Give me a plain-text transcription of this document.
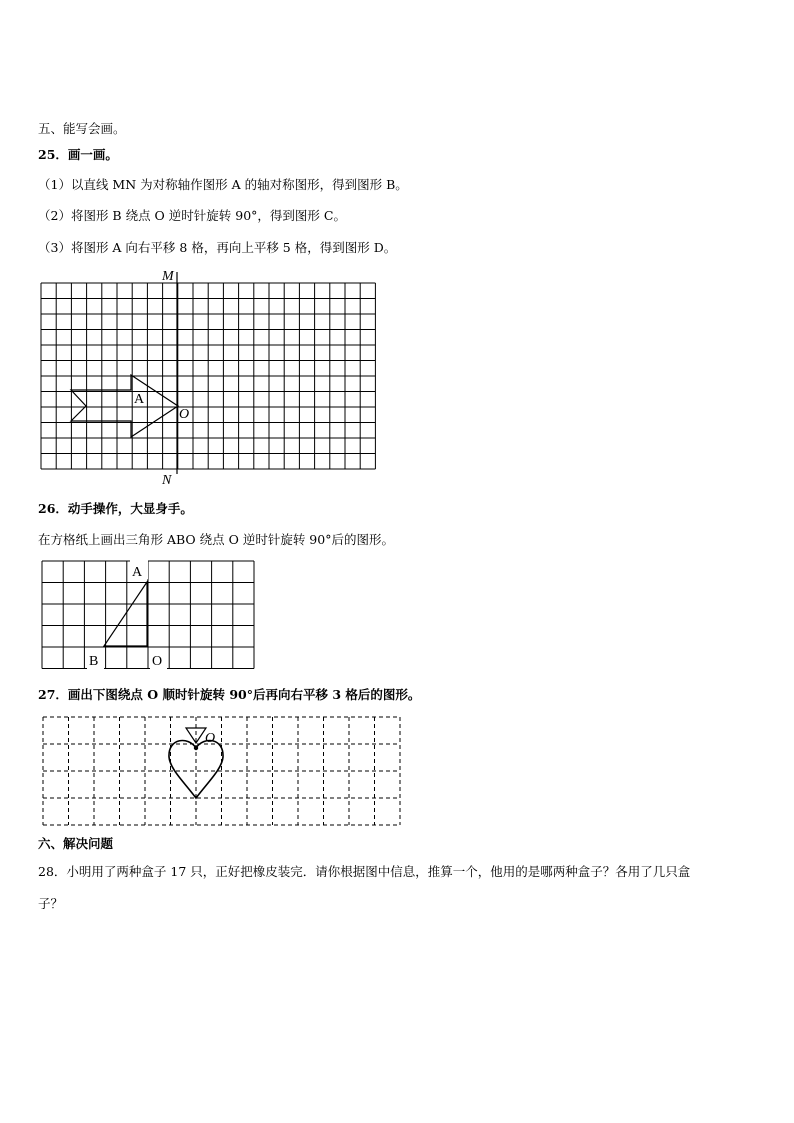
五、能写会画。
25．画一画。
（1）以直线 MN 为对称轴作图形 A 的轴对称图形，得到图形 B。
（2）将图形 B 绕点 O 逆时针旋转 90°，得到图形 C。
（3）将图形 A 向右平移 8 格，再向上平移 5 格，得到图形 D。
A
M
N
O
26．动手操作，大显身手。
在方格纸上画出三角形 ABO 绕点 O 逆时针旋转 90°后的图形。
A
B	O
27．画出下图绕点 O 顺时针旋转 90°后再向右平移 3 格后的图形。
O
六、解决问题
28．小明用了两种盒子 17 只，正好把橡皮装完．请你根据图中信息，推算一个，他用的是哪两种盒子？各用了几只盒
子？
